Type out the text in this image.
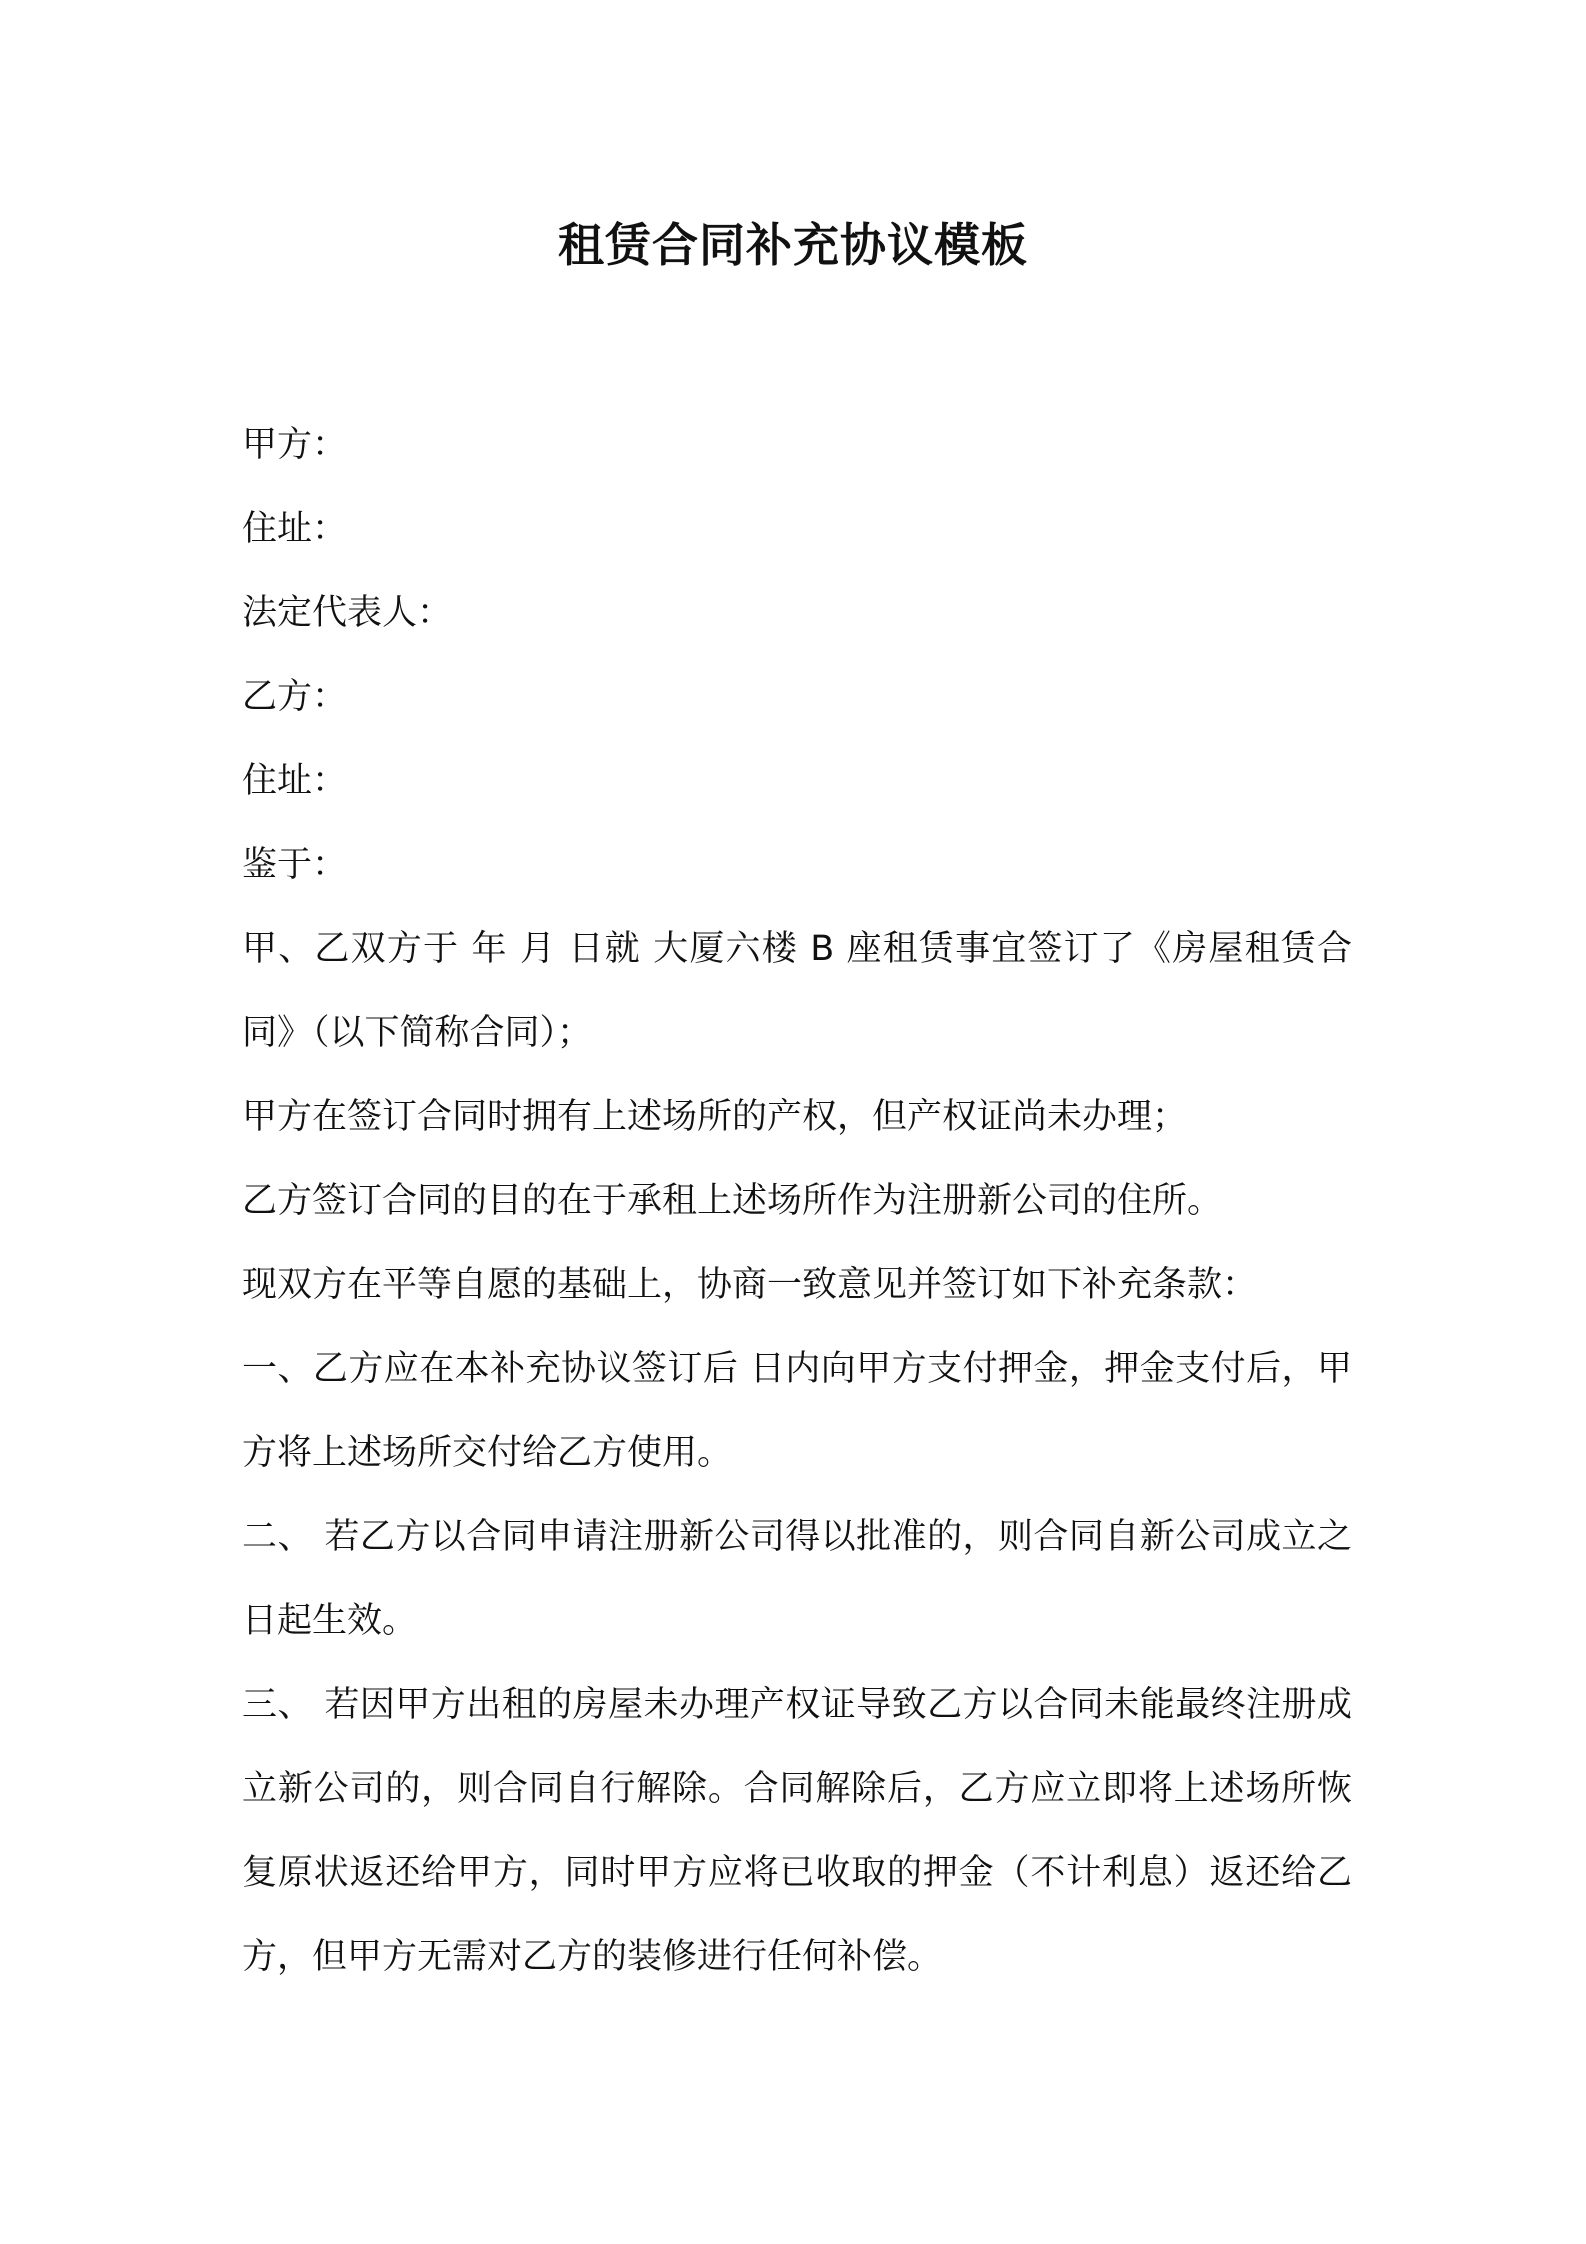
租赁合同补充协议模板
甲方：
住址：
法定代表人：
乙方：
住址：
鉴于：
甲、乙双方于 年 月 日就 大厦六楼 B 座租赁事宜签订了《房屋租赁合同》（以下简称合同）；
甲方在签订合同时拥有上述场所的产权，但产权证尚未办理；
乙方签订合同的目的在于承租上述场所作为注册新公司的住所。
现双方在平等自愿的基础上，协商一致意见并签订如下补充条款：
一、乙方应在本补充协议签订后 日内向甲方支付押金，押金支付后，甲方将上述场所交付给乙方使用。
二、 若乙方以合同申请注册新公司得以批准的，则合同自新公司成立之日起生效。
三、 若因甲方出租的房屋未办理产权证导致乙方以合同未能最终注册成立新公司的，则合同自行解除。合同解除后，乙方应立即将上述场所恢复原状返还给甲方，同时甲方应将已收取的押金（不计利息）返还给乙方，但甲方无需对乙方的装修进行任何补偿。
